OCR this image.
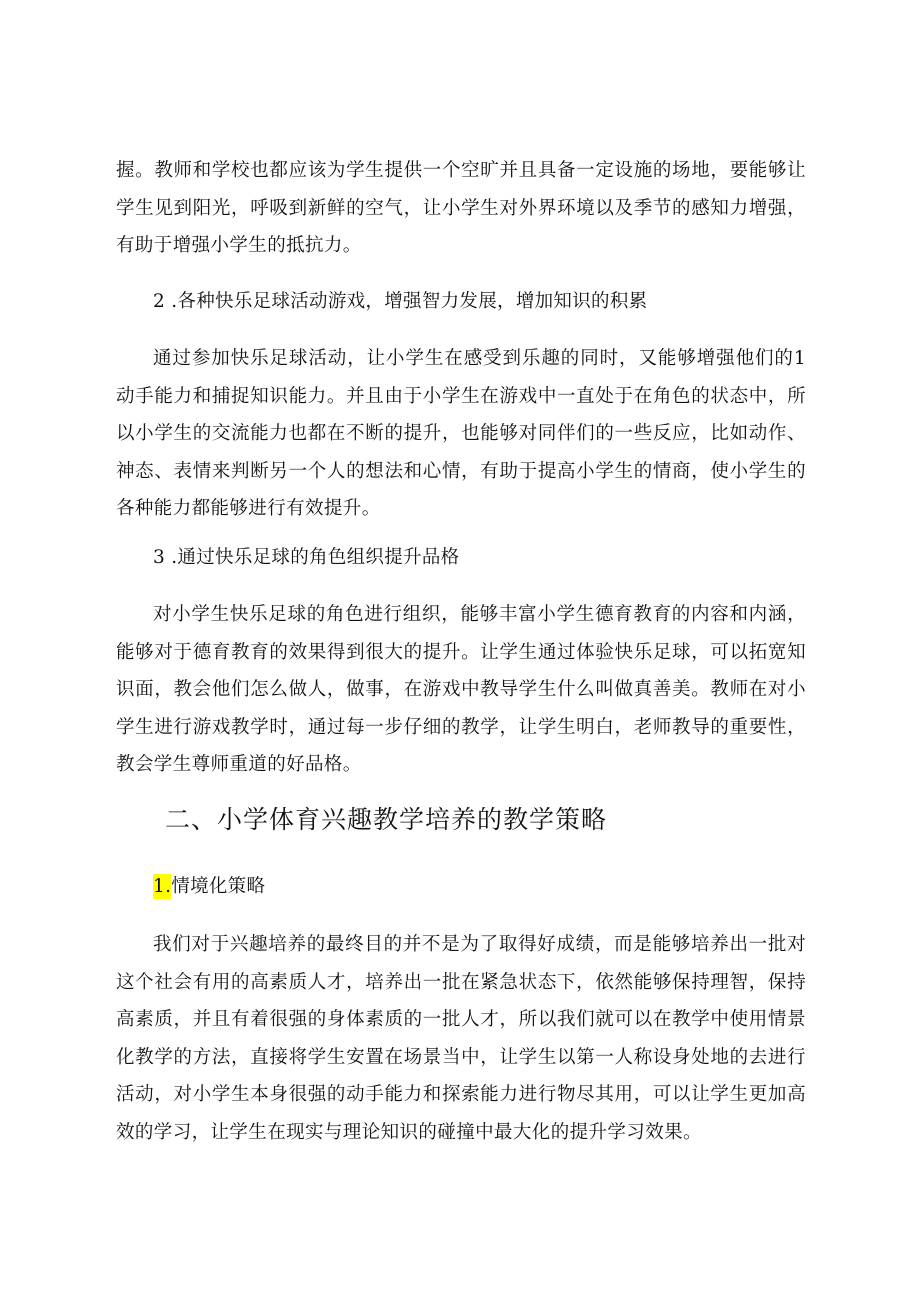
握。教师和学校也都应该为学生提供一个空旷并且具备一定设施的场地，要能够让学生见到阳光，呼吸到新鲜的空气，让小学生对外界环境以及季节的感知力增强，有助于增强小学生的抵抗力。

2 .各种快乐足球活动游戏，增强智力发展，增加知识的积累

通过参加快乐足球活动，让小学生在感受到乐趣的同时，又能够增强他们的1动手能力和捕捉知识能力。并且由于小学生在游戏中一直处于在角色的状态中，所以小学生的交流能力也都在不断的提升，也能够对同伴们的一些反应，比如动作、神态、表情来判断另一个人的想法和心情，有助于提高小学生的情商，使小学生的各种能力都能够进行有效提升。

3 .通过快乐足球的角色组织提升品格

对小学生快乐足球的角色进行组织，能够丰富小学生德育教育的内容和内涵，能够对于德育教育的效果得到很大的提升。让学生通过体验快乐足球，可以拓宽知识面，教会他们怎么做人，做事，在游戏中教导学生什么叫做真善美。教师在对小学生进行游戏教学时，通过每一步仔细的教学，让学生明白，老师教导的重要性，教会学生尊师重道的好品格。

二、小学体育兴趣教学培养的教学策略

1.情境化策略

我们对于兴趣培养的最终目的并不是为了取得好成绩，而是能够培养出一批对这个社会有用的高素质人才，培养出一批在紧急状态下，依然能够保持理智，保持高素质，并且有着很强的身体素质的一批人才，所以我们就可以在教学中使用情景化教学的方法，直接将学生安置在场景当中，让学生以第一人称设身处地的去进行活动，对小学生本身很强的动手能力和探索能力进行物尽其用，可以让学生更加高效的学习，让学生在现实与理论知识的碰撞中最大化的提升学习效果。
